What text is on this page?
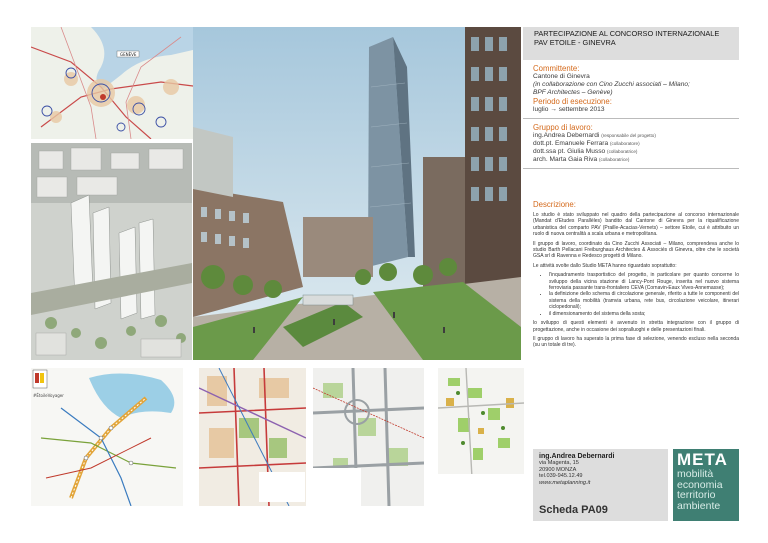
GENÈVE
PARTECIPAZIONE AL CONCORSO INTERNAZIONALE
PAV ETOILE - GINEVRA
Committente:
Cantone di Ginevra
(in collaborazione con Cino Zucchi associati – Milano;
BPF Architectes – Genève)
Periodo di esecuzione:
luglio → settembre 2013
Gruppo di lavoro:
ing.Andrea Debernardi (responsabile del progetto)
dott.pt. Emanuele Ferrara (collaboratore)
dott.ssa pt. Giulia Musso (collaboratrice)
arch. Marta Gaia Riva (collaboratrice)
Descrizione:

Lo studio è stato sviluppato nel quadro della partecipazione al concorso internazionale (Mandat d'Etudes Parallèles) bandito dal Cantone di Ginevra per la riqualificazione urbanistica del comparto PAV (Praille-Acacias-Vernets) – settore Etoile, cui è attribuito un ruolo di nuova centralità a scala urbana e metropolitana.

Il gruppo di lavoro, coordinato da Cino Zucchi Associati – Milano, comprendeva anche lo studio Barth Pellacani Freiburghaus Architectes & Associés di Ginevra, oltre che le società GSA srl di Ravenna e Redesco progetti di Milano.

Le attività svolte dallo Studio META hanno riguardato soprattutto:

• l'inquadramento trasportistico del progetto, in particolare per quanto concerne lo sviluppo della vicina stazione di Lancy-Pont Rouge, inserita nel nuovo sistema ferroviaria passante trans-frontaliero CEVA (Cornavin-Eaux Vives-Annemasse);
• la definizione dello schema di circolazione generale, riferito a tutte le componenti del sistema della mobilità (tramvia urbana, rete bus, circolazione veicolare, itinerari ciclopedonali);
• il dimensionamento del sistema della sosta;

lo sviluppo di questi elementi è avvenuto in stretta integrazione con il gruppo di progettazione, anche in occasione dei sopralluoghi e delle presentazioni finali.

Il gruppo di lavoro ha superato la prima fase di selezione, venendo escluso nella seconda (su un totale di tre).

#ÉtoileVoyager
ing.Andrea Debernardi
via Magenta, 15
20900 MONZA
tel.039-945.12.49
www.metaplanning.it
Scheda PA09
META
mobilità
economia
territorio
ambiente
